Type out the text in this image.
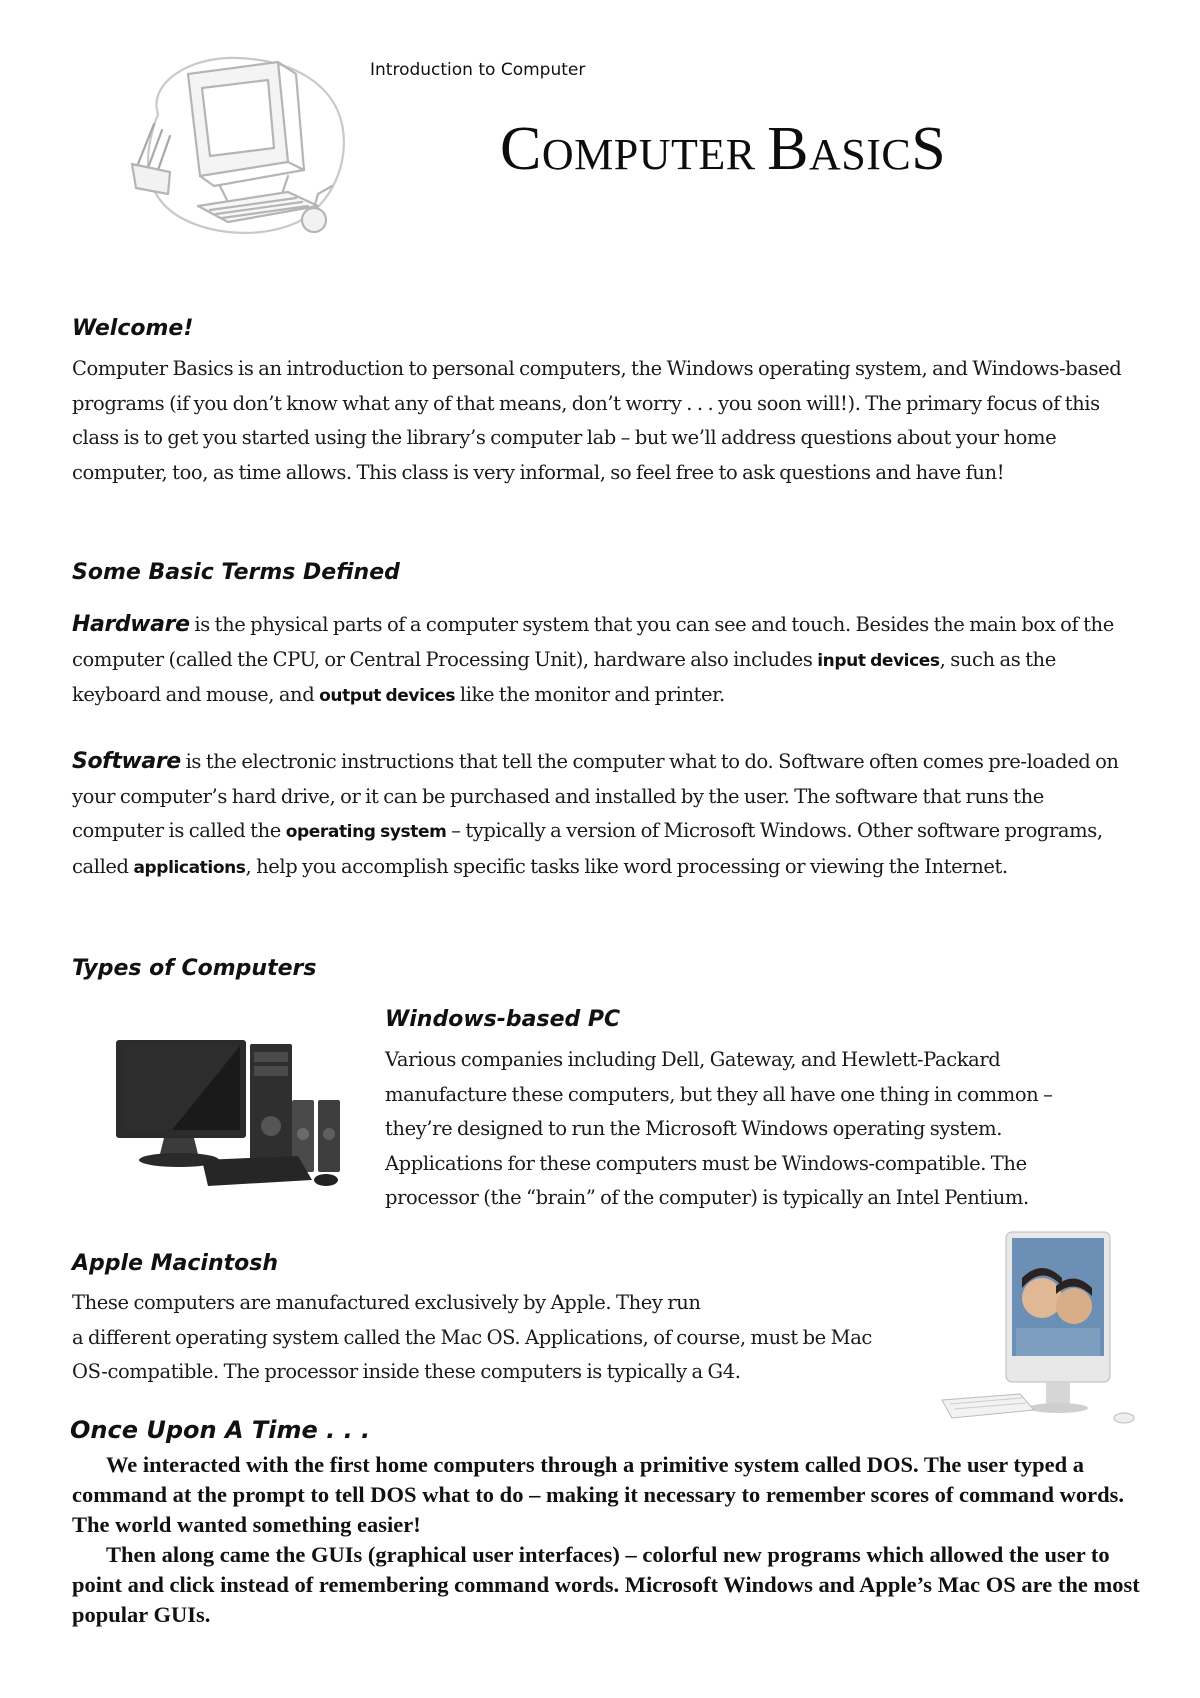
Introduction to Computer
COMPUTER BASICS
Welcome!
Computer Basics is an introduction to personal computers, the Windows operating system, and Windows-based programs (if you don’t know what any of that means, don’t worry . . . you soon will!). The primary focus of this class is to get you started using the library’s computer lab – but we’ll address questions about your home computer, too, as time allows. This class is very informal, so feel free to ask questions and have fun!
Some Basic Terms Defined
Hardware is the physical parts of a computer system that you can see and touch. Besides the main box of the computer (called the CPU, or Central Processing Unit), hardware also includes input devices, such as the keyboard and mouse, and output devices like the monitor and printer.
Software is the electronic instructions that tell the computer what to do. Software often comes pre-loaded on your computer’s hard drive, or it can be purchased and installed by the user. The software that runs the computer is called the operating system – typically a version of Microsoft Windows. Other software programs, called applications, help you accomplish specific tasks like word processing or viewing the Internet.
Types of Computers
Windows-based PC
Various companies including Dell, Gateway, and Hewlett-Packard manufacture these computers, but they all have one thing in common – they’re designed to run the Microsoft Windows operating system. Applications for these computers must be Windows-compatible. The processor (the “brain” of the computer) is typically an Intel Pentium.
Apple Macintosh
These computers are manufactured exclusively by Apple. They run
a different operating system called the Mac OS. Applications, of course, must be Mac
OS-compatible. The processor inside these computers is typically a G4.
Once Upon A Time . . .
We interacted with the first home computers through a primitive system called DOS. The user typed a command at the prompt to tell DOS what to do – making it necessary to remember scores of command words. The world wanted something easier!
Then along came the GUIs (graphical user interfaces) – colorful new programs which allowed the user to point and click instead of remembering command words. Microsoft Windows and Apple’s Mac OS are the most popular GUIs.
